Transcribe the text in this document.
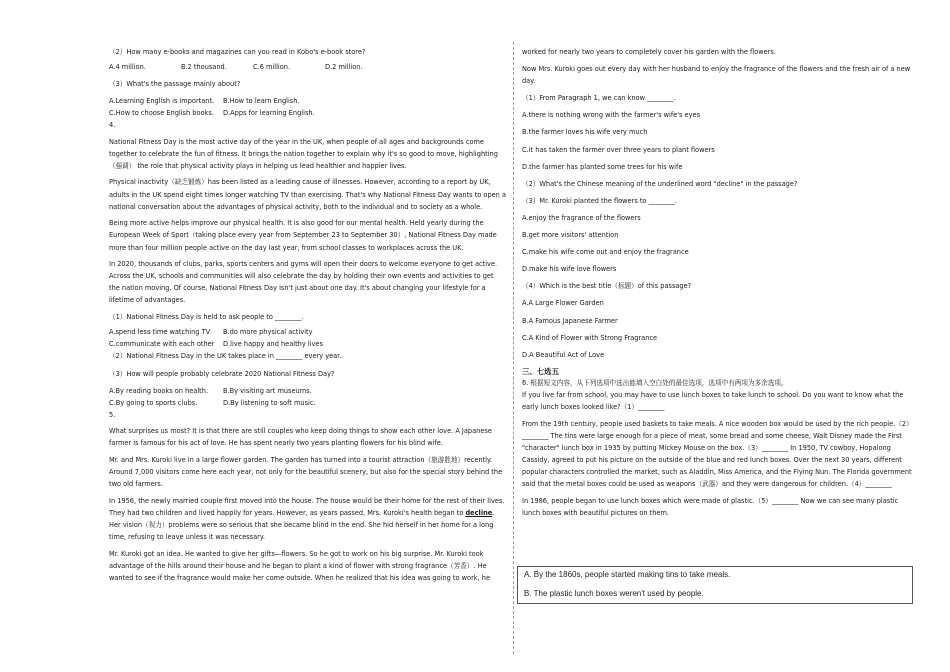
（2）How many e-books and magazines can you read in Kobo's e-book store?

A.4 million.	B.2 thousand.	C.6 million.	D.2 million.

（3）What's the passage mainly about?

A.Learning English is important.	B.How to learn English.
C.How to choose English books.	D.Apps for learning English.

4.

National Fitness Day is the most active day of the year in the UK, when people of all ages and backgrounds come together to celebrate the fun of fitness. It brings the nation together to explain why it's so good to move, highlighting（强调） the role that physical activity plays in helping us lead healthier and happier lives.

Physical inactivity（缺乏锻炼）has been listed as a leading cause of illnesses. However, according to a report by UK, adults in the UK spend eight times longer watching TV than exercising. That's why National Fitness Day wants to open a national conversation about the advantages of physical activity, both to the individual and to society as a whole.

Being more active helps improve our physical health. It is also good for our mental health. Held yearly during the European Week of Sport（taking place every year from September 23 to September 30）, National Fitness Day made more than four million people active on the day last year, from school classes to workplaces across the UK.

In 2020, thousands of clubs, parks, sports centers and gyms will open their doors to welcome everyone to get active. Across the UK, schools and communities will also celebrate the day by holding their own events and activities to get the nation moving. Of course, National Fitness Day isn't just about one day. It's about changing your lifestyle for a lifetime of advantages.

（1）National Fitness Day is held to ask people to ________.

A.spend less time watching TV	B.do more physical activity
C.communicate with each other	D.live happy and healthy lives

（2）National Fitness Day in the UK takes place in ________ every year.

（3）How will people probably celebrate 2020 National Fitness Day?

A.By reading books on health.	B.By visiting art museums.
C.By going to sports clubs.	D.By listening to soft music.

5.

What surprises us most? It is that there are still couples who keep doing things to show each other love. A Japanese farmer is famous for his act of love. He has spent nearly two years planting flowers for his blind wife.

Mr. and Mrs. Kuroki live in a large flower garden. The garden has turned into a tourist attraction（旅游胜地）recently. Around 7,000 visitors come here each year, not only for the beautiful scenery, but also for the special story behind the two old farmers.

In 1956, the newly married couple first moved into the house. The house would be their home for the rest of their lives. They had two children and lived happily for years. However, as years passed, Mrs. Kuroki's health began to decline. Her vision（视力）problems were so serious that she became blind in the end. She hid herself in her home for a long time, refusing to leave unless it was necessary.

Mr. Kuroki got an idea. He wanted to give her gifts—flowers. So he got to work on his big surprise. Mr. Kuroki took advantage of the hills around their house and he began to plant a kind of flower with strong fragrance（芳香）. He wanted to see if the fragrance would make her come outside. When he realized that his idea was going to work, he

worked for nearly two years to completely cover his garden with the flowers.

Now Mrs. Kuroki goes out every day with her husband to enjoy the fragrance of the flowers and the fresh air of a new day.

（1）From Paragraph 1, we can know ________.

A.there is nothing wrong with the farmer's wife's eyes

B.the farmer loves his wife very much

C.it has taken the farmer over three years to plant flowers

D.the farmer has planted some trees for his wife

（2）What's the Chinese meaning of the underlined word "decline" in the passage?

（3）Mr. Kuroki planted the flowers to ________.

A.enjoy the fragrance of the flowers

B.get more visitors' attention

C.make his wife come out and enjoy the fragrance

D.make his wife love flowers

（4）Which is the best title（标题）of this passage?

A.A Large Flower Garden

B.A Famous Japanese Farmer

C.A Kind of Flower with Strong Fragrance

D.A Beautiful Act of Love

三、七选五

6. 根据短文内容，从下列选项中选出能填入空白处的最佳选项，选项中有两项为多余选项。

If you live far from school, you may have to use lunch boxes to take lunch to school. Do you want to know what the early lunch boxes looked like?（1）________

From the 19th century, people used baskets to take meals. A nice wooden box would be used by the rich people.（2）________ The tins were large enough for a piece of meat, some bread and some cheese, Walt Disney made the First "character" lunch box in 1935 by putting Mickey Mouse on the box.（3）________ In 1950, TV cowboy, Hopalong Cassidy, agreed to put his picture on the outside of the blue and red lunch boxes. Over the next 30 years, different popular characters controlled the market, such as Aladdin, Miss America, and the Flying Nun. The Florida government said that the metal boxes could be used as weapons（武器）and they were dangerous for children.（4）________

In 1986, people began to use lunch boxes which were made of plastic.（5）________ Now we can see many plastic lunch boxes with beautiful pictures on them.

A. By the 1860s, people started making tins to take meals.

B. The plastic lunch boxes weren't used by people.
